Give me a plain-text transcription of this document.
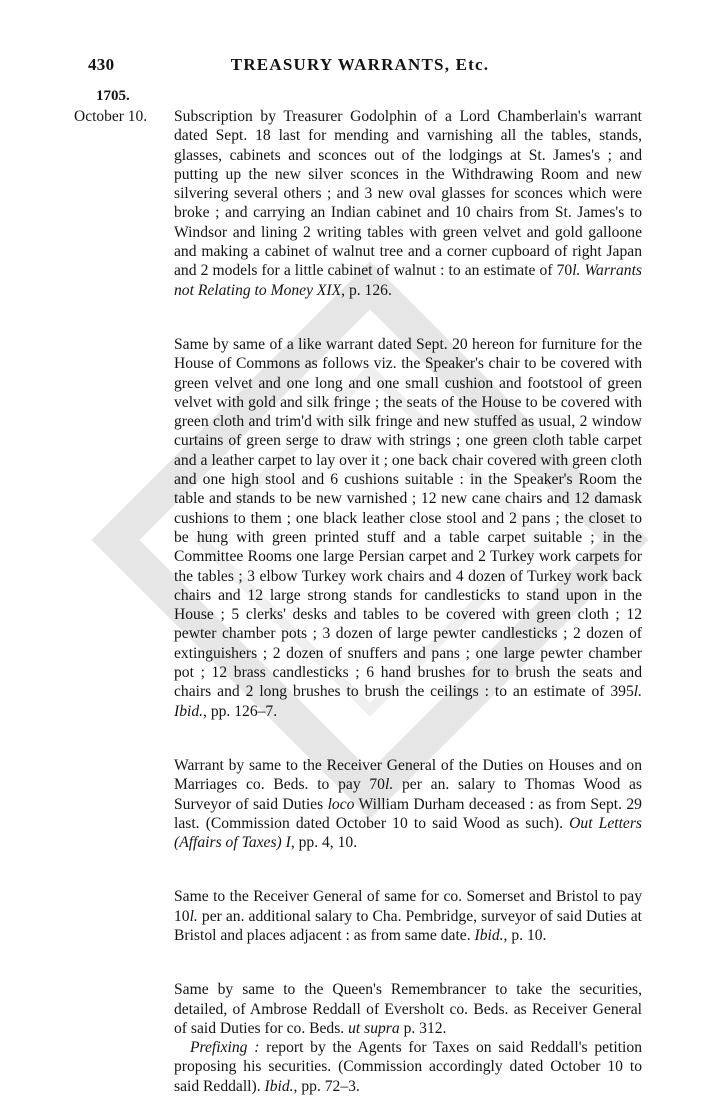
430	TREASURY WARRANTS, Etc.
1705.
October 10. Subscription by Treasurer Godolphin of a Lord Chamberlain's warrant dated Sept. 18 last for mending and varnishing all the tables, stands, glasses, cabinets and sconces out of the lodgings at St. James's ; and putting up the new silver sconces in the Withdrawing Room and new silvering several others ; and 3 new oval glasses for sconces which were broke ; and carrying an Indian cabinet and 10 chairs from St. James's to Windsor and lining 2 writing tables with green velvet and gold galloone and making a cabinet of walnut tree and a corner cupboard of right Japan and 2 models for a little cabinet of walnut : to an estimate of 70l. Warrants not Relating to Money XIX, p. 126.

Same by same of a like warrant dated Sept. 20 hereon for furniture for the House of Commons as follows viz. the Speaker's chair to be covered with green velvet and one long and one small cushion and footstool of green velvet with gold and silk fringe ; the seats of the House to be covered with green cloth and trim'd with silk fringe and new stuffed as usual, 2 window curtains of green serge to draw with strings ; one green cloth table carpet and a leather carpet to lay over it ; one back chair covered with green cloth and one high stool and 6 cushions suitable : in the Speaker's Room the table and stands to be new varnished ; 12 new cane chairs and 12 damask cushions to them ; one black leather close stool and 2 pans ; the closet to be hung with green printed stuff and a table carpet suitable ; in the Committee Rooms one large Persian carpet and 2 Turkey work carpets for the tables ; 3 elbow Turkey work chairs and 4 dozen of Turkey work back chairs and 12 large strong stands for candlesticks to stand upon in the House ; 5 clerks' desks and tables to be covered with green cloth ; 12 pewter chamber pots ; 3 dozen of large pewter candlesticks ; 2 dozen of extinguishers ; 2 dozen of snuffers and pans ; one large pewter chamber pot ; 12 brass candlesticks ; 6 hand brushes for to brush the seats and chairs and 2 long brushes to brush the ceilings : to an estimate of 395l. Ibid., pp. 126–7.

Warrant by same to the Receiver General of the Duties on Houses and on Marriages co. Beds. to pay 70l. per an. salary to Thomas Wood as Surveyor of said Duties loco William Durham deceased : as from Sept. 29 last. (Commission dated October 10 to said Wood as such). Out Letters (Affairs of Taxes) I, pp. 4, 10.

Same to the Receiver General of same for co. Somerset and Bristol to pay 10l. per an. additional salary to Cha. Pembridge, surveyor of said Duties at Bristol and places adjacent : as from same date. Ibid., p. 10.

Same by same to the Queen's Remembrancer to take the securities, detailed, of Ambrose Reddall of Eversholt co. Beds. as Receiver General of said Duties for co. Beds. ut supra p. 312.

Prefixing : report by the Agents for Taxes on said Reddall's petition proposing his securities. (Commission accordingly dated October 10 to said Reddall). Ibid., pp. 72–3.
